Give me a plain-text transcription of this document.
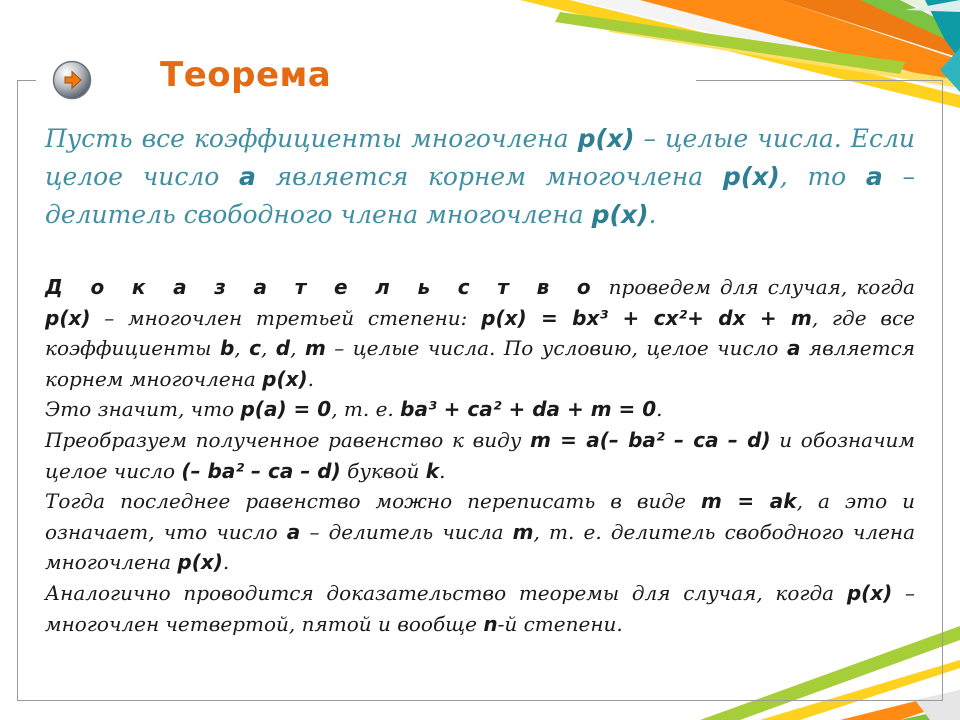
Теорема

Пусть все коэффициенты многочлена р(х) – целые числа. Если целое число a является корнем многочлена р(х), то a – делитель свободного члена многочлена р(х).

Д о к а з а т е л ь с т в о проведем для случая, когда р(х) – многочлен третьей степени: р(х) = bх³ + сх²+ dx + m, где все коэффициенты b, c, d, m – целые числа. По условию, целое число a является корнем многочлена р(х).

Это значит, что р(a) = 0, т. е. ba³ + ca² + da + m = 0.

Преобразуем полученное равенство к виду m = a(– ba² – ca – d) и обозначим целое число (– ba² – ca – d) буквой k.

Тогда последнее равенство можно переписать в виде m = ak, а это и означает, что число a – делитель числа m, т. е. делитель свободного члена многочлена р(х).

Аналогично проводится доказательство теоремы для случая, когда р(х) – многочлен четвертой, пятой и вообще n-й степени.
